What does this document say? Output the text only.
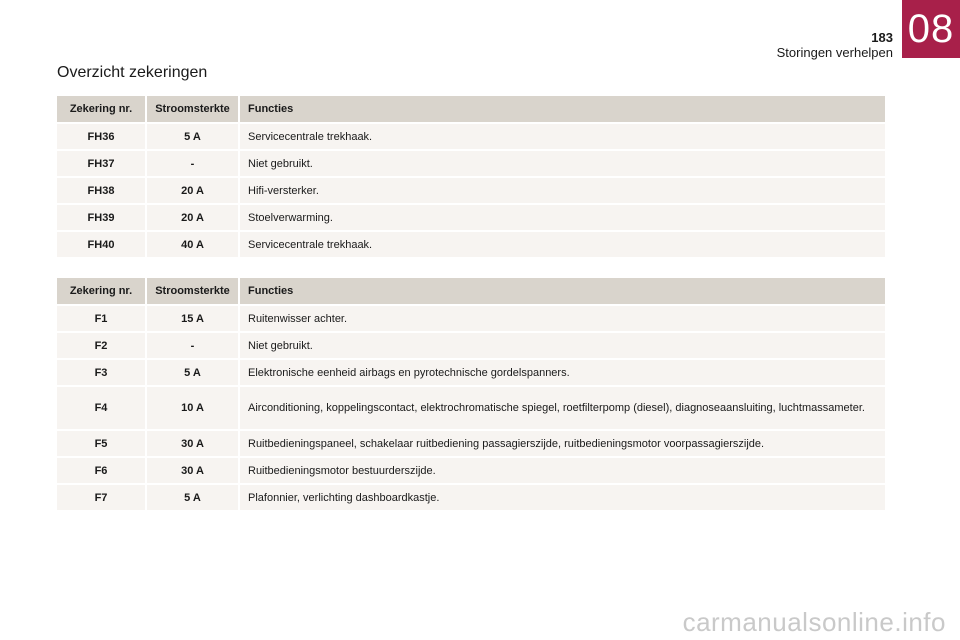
183
Storingen verhelpen
08
Overzicht zekeringen
Zekering nr.	Stroomsterkte	Functies
FH36	5 A	Servicecentrale trekhaak.
FH37	-	Niet gebruikt.
FH38	20 A	Hifi-versterker.
FH39	20 A	Stoelverwarming.
FH40	40 A	Servicecentrale trekhaak.
Zekering nr.	Stroomsterkte	Functies
F1	15 A	Ruitenwisser achter.
F2	-	Niet gebruikt.
F3	5 A	Elektronische eenheid airbags en pyrotechnische gordelspanners.
F4	10 A	Airconditioning, koppelingscontact, elektrochromatische spiegel, roetfilterpomp (diesel), diagnoseaansluiting, luchtmassameter.
F5	30 A	Ruitbedieningspaneel, schakelaar ruitbediening passagierszijde, ruitbedieningsmotor voorpassagierszijde.
F6	30 A	Ruitbedieningsmotor bestuurderszijde.
F7	5 A	Plafonnier, verlichting dashboardkastje.
carmanualsonline.info
